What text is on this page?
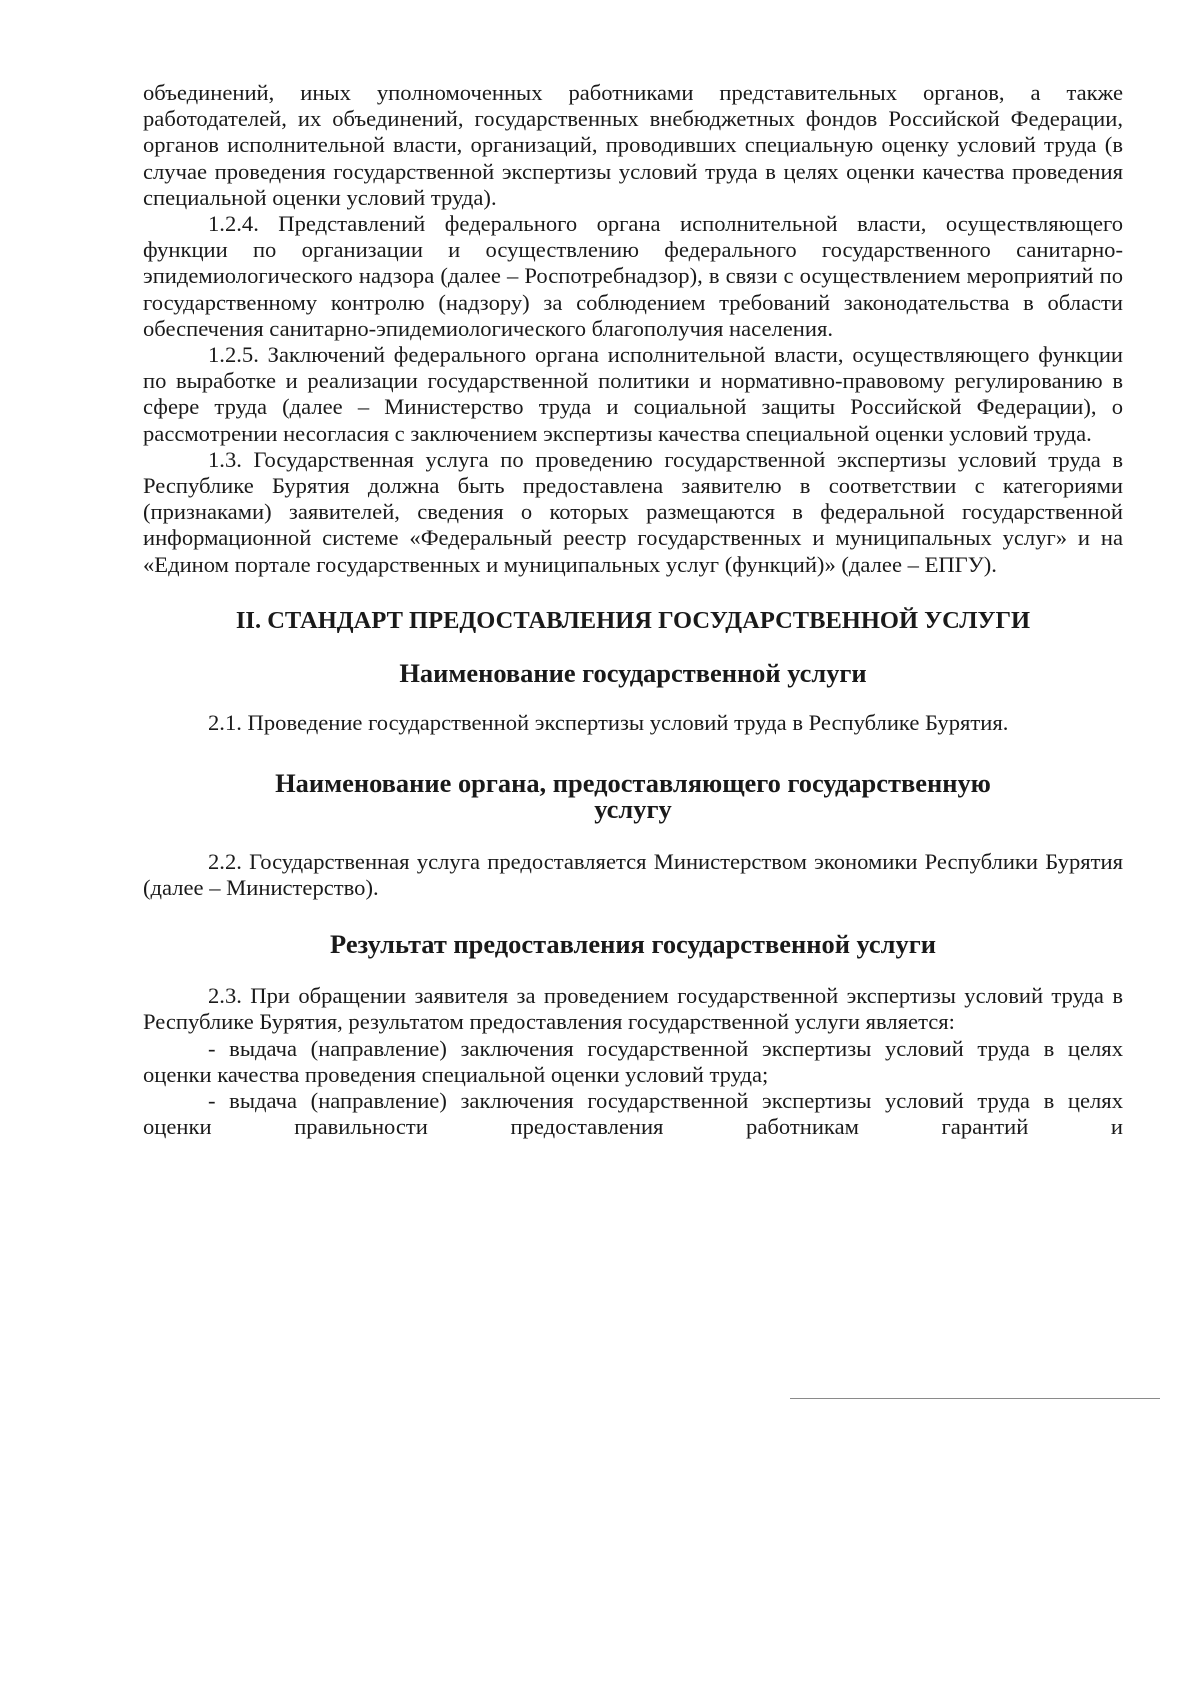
объединений, иных уполномоченных работниками представительных органов, а также работодателей, их объединений, государственных внебюджетных фондов Российской Федерации, органов исполнительной власти, организаций, проводивших специальную оценку условий труда (в случае проведения государственной экспертизы условий труда в целях оценки качества проведения специальной оценки условий труда).

1.2.4. Представлений федерального органа исполнительной власти, осуществляющего функции по организации и осуществлению федерального государственного санитарно-эпидемиологического надзора (далее – Роспотребнадзор), в связи с осуществлением мероприятий по государственному контролю (надзору) за соблюдением требований законодательства в области обеспечения санитарно-эпидемиологического благополучия населения.

1.2.5. Заключений федерального органа исполнительной власти, осуществляющего функции по выработке и реализации государственной политики и нормативно-правовому регулированию в сфере труда (далее – Министерство труда и социальной защиты Российской Федерации), о рассмотрении несогласия с заключением экспертизы качества специальной оценки условий труда.

1.3. Государственная услуга по проведению государственной экспертизы условий труда в Республике Бурятия должна быть предоставлена заявителю в соответствии с категориями (признаками) заявителей, сведения о которых размещаются в федеральной государственной информационной системе «Федеральный реестр государственных и муниципальных услуг» и на «Едином портале государственных и муниципальных услуг (функций)» (далее – ЕПГУ).

II. СТАНДАРТ ПРЕДОСТАВЛЕНИЯ ГОСУДАРСТВЕННОЙ УСЛУГИ
Наименование государственной услуги

2.1. Проведение государственной экспертизы условий труда в Республике Бурятия.

Наименование органа, предоставляющего государственную
услугу

2.2. Государственная услуга предоставляется Министерством экономики Республики Бурятия (далее – Министерство).

Результат предоставления государственной услуги

2.3. При обращении заявителя за проведением государственной экспертизы условий труда в Республике Бурятия, результатом предоставления государственной услуги является:

- выдача (направление) заключения государственной экспертизы условий труда в целях оценки качества проведения специальной оценки условий труда;

- выдача (направление) заключения государственной экспертизы условий труда в целях оценки правильности предоставления работникам гарантий и
